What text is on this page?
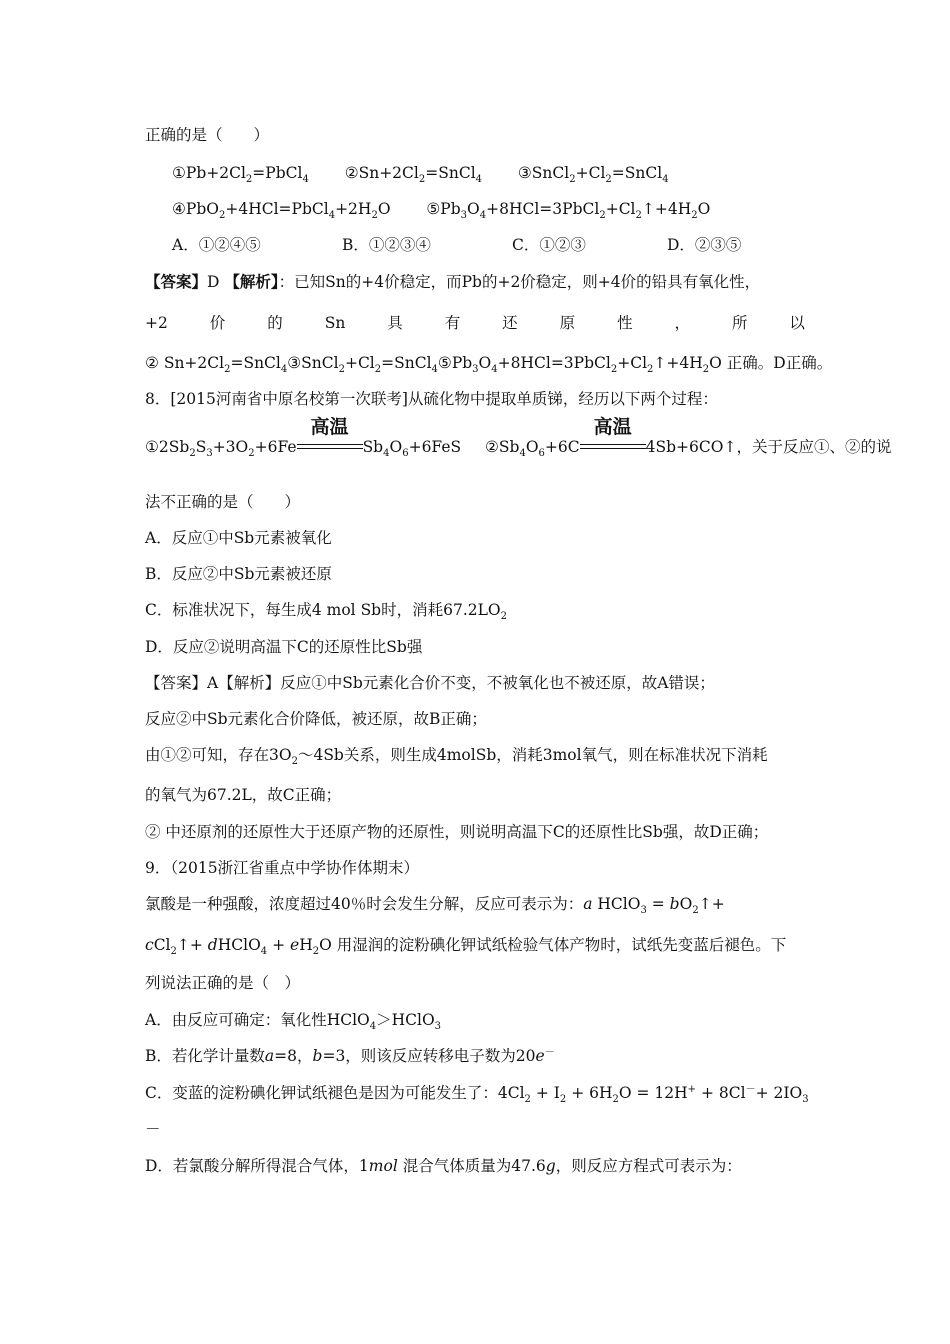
正确的是（　　）
$①Pb+2Cl_2=PbCl_4$ $②Sn+2Cl_2=SnCl_4$ $③SnCl_2+Cl_2=SnCl_4$
$④PbO_2+4HCl=PbCl_4+2H_2O$ $⑤Pb_3O_4+8HCl=3PbCl_2+Cl_2↑+4H_2O$
A．①②④⑤	B．①②③④	C．①②③	D．②③⑤
【答案】D 【解析】：已知Sn的+4价稳定，而Pb的+2价稳定，则+4价的铅具有氧化性，
+2	价	的	Sn	具	有	还	原	性	，	所	以
② $Sn+2Cl_2=SnCl_4③SnCl_2+Cl_2=SnCl_4⑤Pb_3O_4+8HCl=3PbCl_2+Cl_2↑+4H_2O$ 正确。D正确。
8．[2015河南省中原名校第一次联考]从硫化物中提取单质锑，经历以下两个过程：
$①2Sb_2S_3+3O_2+6Fe$
高温
$Sb_4O_6+6FeS$ $②Sb_4O_6+6C$
高温
4Sb+6CO↑，关于反应①、②的说
法不正确的是（　　）
A．反应①中Sb元素被氧化
B．反应②中Sb元素被还原
C．标准状况下，每生成4 mol Sb时，消耗$67.2LO_2$
D．反应②说明高温下C的还原性比Sb强
【答案】A【解析】反应①中Sb元素化合价不变，不被氧化也不被还原，故A错误；
反应②中Sb元素化合价降低，被还原，故B正确；
由①②可知，存在$3O_2\sim 4Sb$关系，则生成4molSb，消耗3mol氧气，则在标准状况下消耗
的氧气为67.2L，故C正确；
② 中还原剂的还原性大于还原产物的还原性，则说明高温下C的还原性比Sb强，故D正确；
9．（2015浙江省重点中学协作体期末）
氯酸是一种强酸，浓度超过40％时会发生分解，反应可表示为：a HClO$_3$ = $bO_2↑+$
cCl$_2$↑+ dHClO$_4$ + $eH_2O$ 用湿润的淀粉碘化钾试纸检验气体产物时，试纸先变蓝后褪色。下
列说法正确的是（　）
A．由反应可确定：氧化性HClO$_4$＞HClO$_3$
B．若化学计量数a=8，b=3，则该反应转移电子数为20e－
C．变蓝的淀粉碘化钾试纸褪色是因为可能发生了：$4Cl_2 + I_2 + 6H_2O = 12H^+ + 8Cl^-+ 2IO_3$
－
D．若氯酸分解所得混合气体，1mol 混合气体质量为47.6g，则反应方程式可表示为：
